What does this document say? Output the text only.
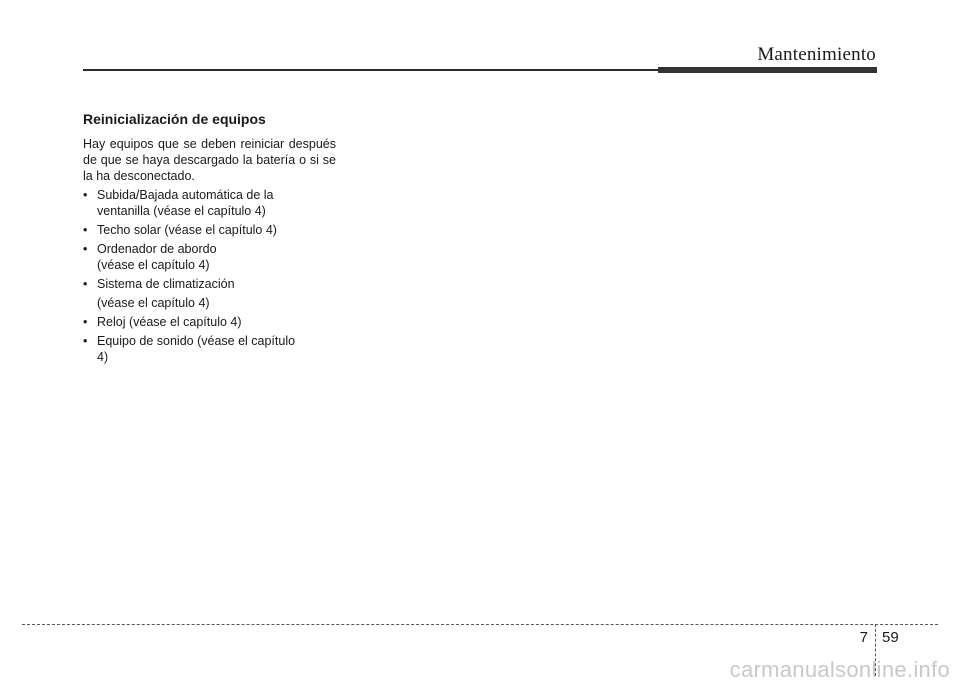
Mantenimiento
Reinicialización de equipos

Hay equipos que se deben reiniciar después de que se haya descargado la batería o si se la ha desconectado.

• Subida/Bajada automática de la
ventanilla (véase el capítulo 4)
• Techo solar (véase el capítulo 4)
• Ordenador de abordo
(véase el capítulo 4)
• Sistema de climatización
(véase el capítulo 4)
• Reloj (véase el capítulo 4)
• Equipo de sonido (véase el capítulo
4)
7 59
carmanualsonline.info
